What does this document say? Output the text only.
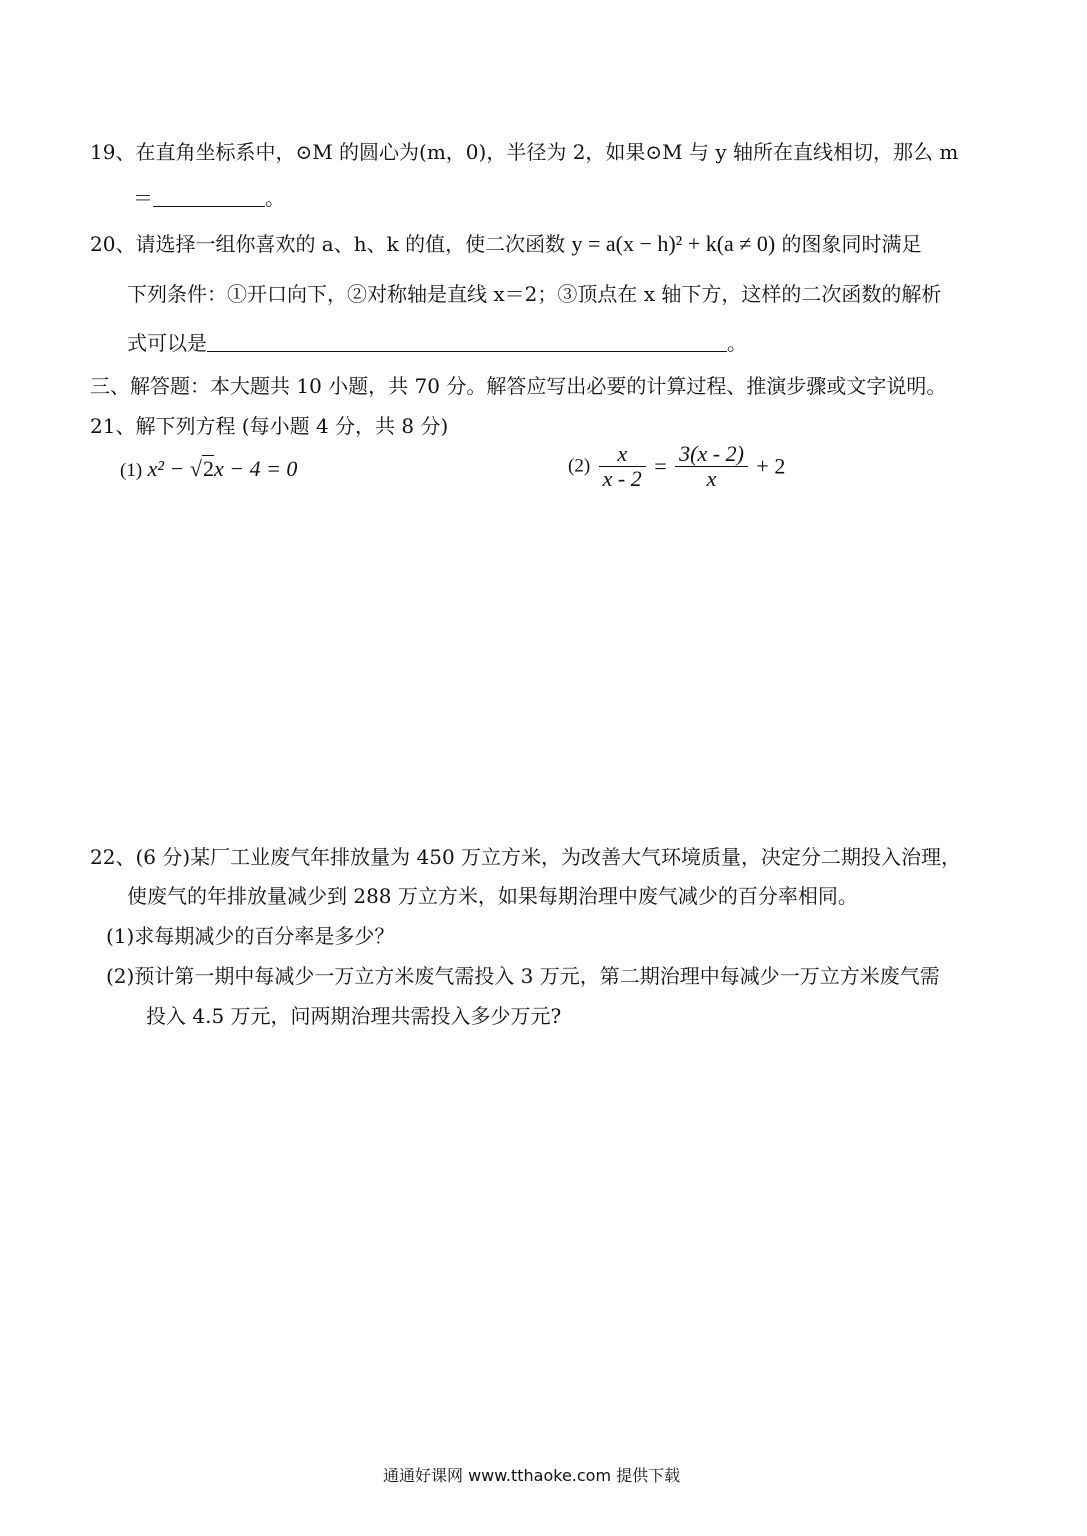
19、在直角坐标系中，⊙M 的圆心为(m，0)，半径为 2，如果⊙M 与 y 轴所在直线相切，那么 m
＝	。
20、请选择一组你喜欢的 a、h、k 的值，使二次函数 y = a(x − h)² + k(a ≠ 0) 的图象同时满足
下列条件：①开口向下，②对称轴是直线 x＝2；③顶点在 x 轴下方，这样的二次函数的解析
式可以是	。
三、解答题：本大题共 10 小题，共 70 分。解答应写出必要的计算过程、推演步骤或文字说明。
21、解下列方程 (每小题 4 分，共 8 分)
(1) x² − √2x − 4 = 0	$(2) \frac{x}{x - 2} = \frac{3(x - 2)}{x} + 2$
22、(6 分)某厂工业废气年排放量为 450 万立方米，为改善大气环境质量，决定分二期投入治理，
使废气的年排放量减少到 288 万立方米，如果每期治理中废气减少的百分率相同。
(1)求每期减少的百分率是多少？
(2)预计第一期中每减少一万立方米废气需投入 3 万元，第二期治理中每减少一万立方米废气需
投入 4.5 万元，问两期治理共需投入多少万元?
通通好课网 www.tthaoke.com 提供下载
